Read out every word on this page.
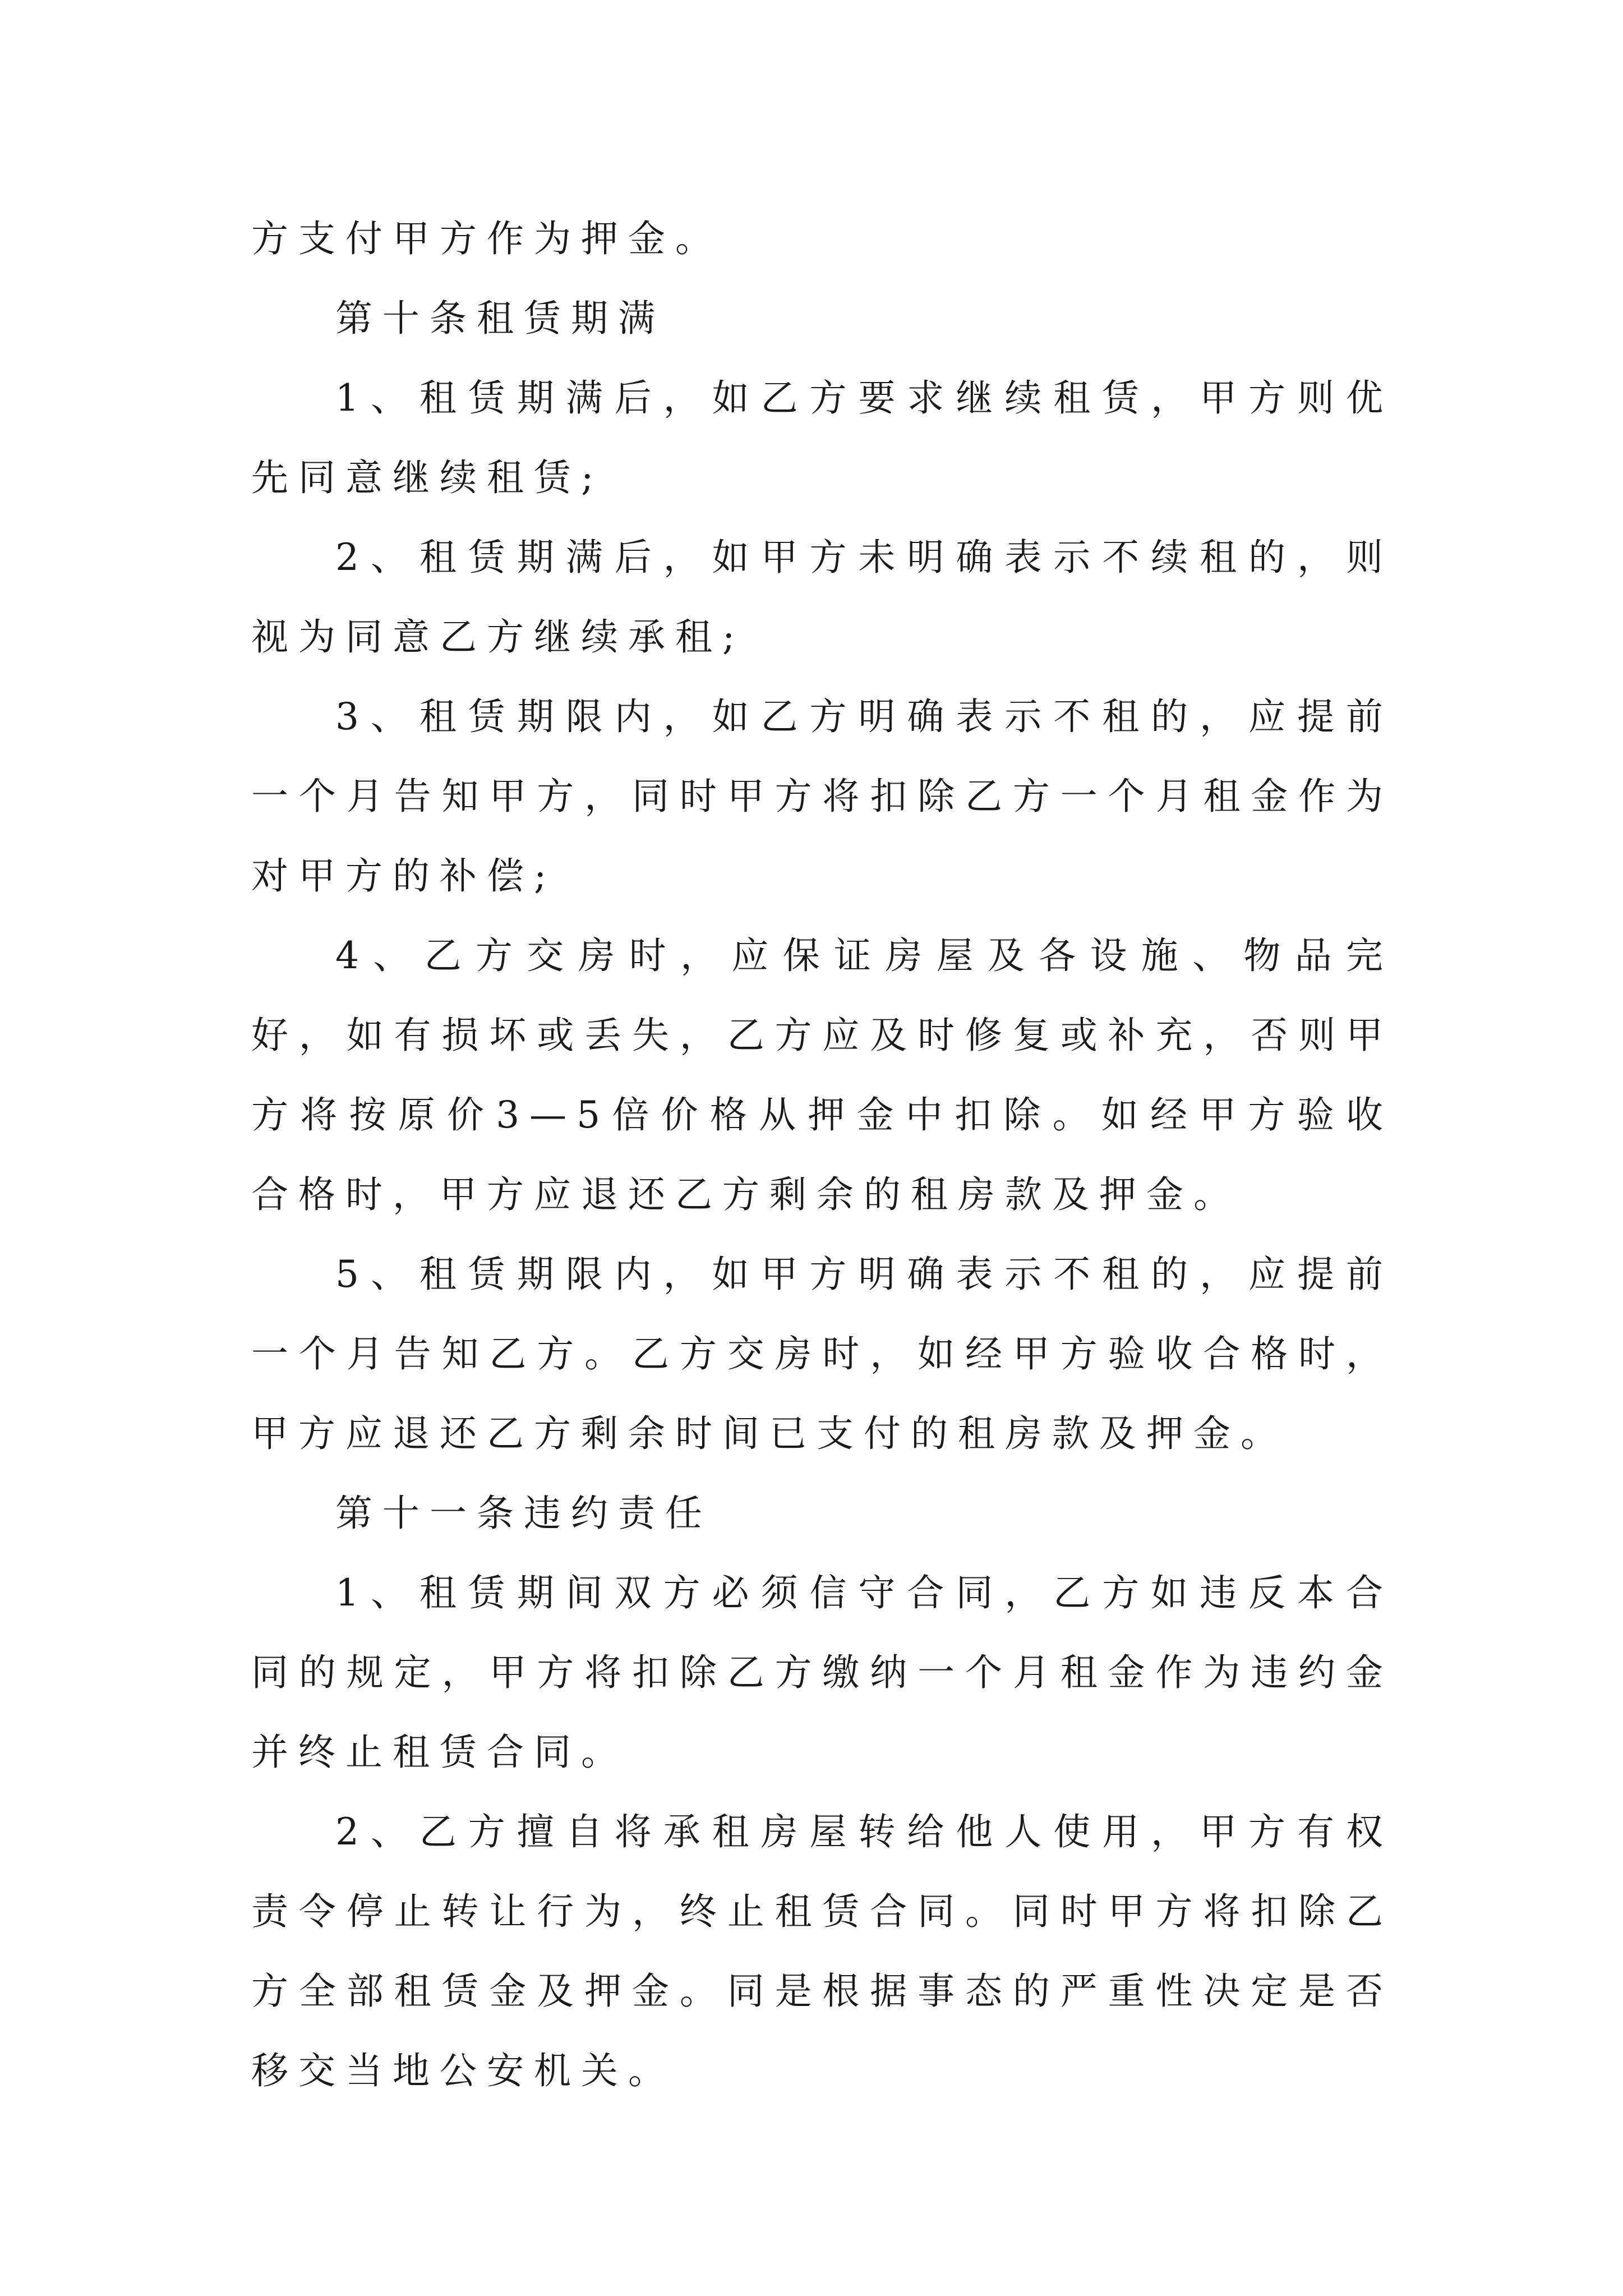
方支付甲方作为押金。

第十条租赁期满

1、租赁期满后，如乙方要求继续租赁，甲方则优先同意继续租赁;

2、租赁期满后，如甲方未明确表示不续租的，则视为同意乙方继续承租;

3、租赁期限内，如乙方明确表示不租的，应提前一个月告知甲方，同时甲方将扣除乙方一个月租金作为对甲方的补偿;

4、乙方交房时，应保证房屋及各设施、物品完好，如有损坏或丢失，乙方应及时修复或补充，否则甲方将按原价3—5倍价格从押金中扣除。如经甲方验收合格时，甲方应退还乙方剩余的租房款及押金。

5、租赁期限内，如甲方明确表示不租的，应提前一个月告知乙方。乙方交房时，如经甲方验收合格时，甲方应退还乙方剩余时间已支付的租房款及押金。

第十一条违约责任

1、租赁期间双方必须信守合同，乙方如违反本合同的规定，甲方将扣除乙方缴纳一个月租金作为违约金并终止租赁合同。

2、乙方擅自将承租房屋转给他人使用，甲方有权责令停止转让行为，终止租赁合同。同时甲方将扣除乙方全部租赁金及押金。同是根据事态的严重性决定是否移交当地公安机关。
